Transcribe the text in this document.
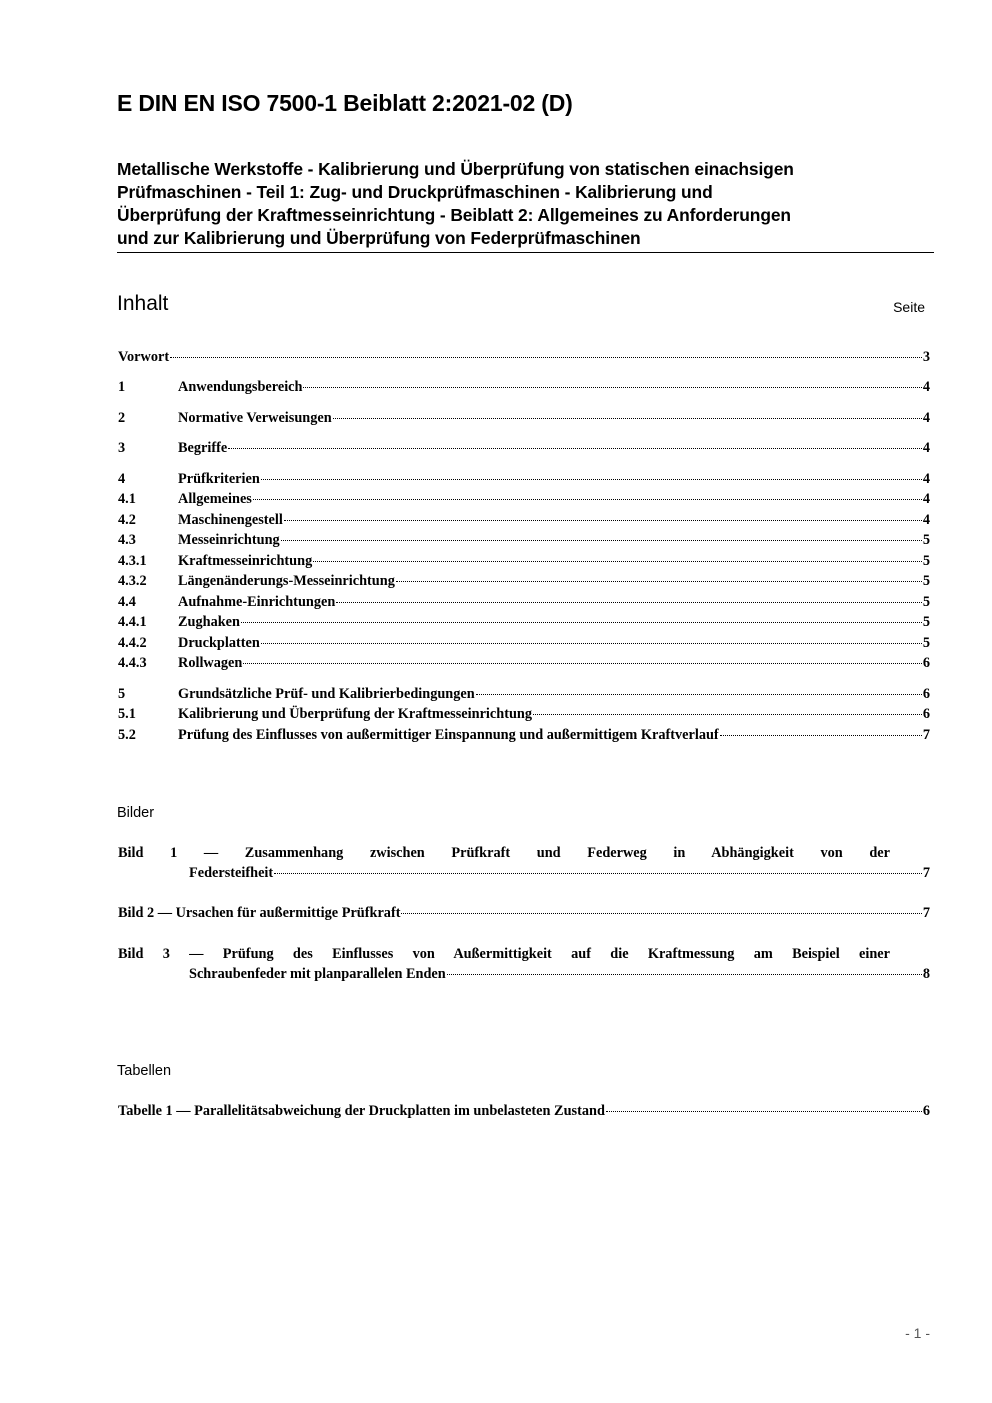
E DIN EN ISO 7500-1 Beiblatt 2:2021-02 (D)
Metallische Werkstoffe - Kalibrierung und Überprüfung von statischen einachsigen
Prüfmaschinen - Teil 1: Zug- und Druckprüfmaschinen - Kalibrierung und
Überprüfung der Kraftmesseinrichtung - Beiblatt 2: Allgemeines zu Anforderungen
und zur Kalibrierung und Überprüfung von Federprüfmaschinen
Inhalt	Seite
Vorwort	3
1	Anwendungsbereich	4
2	Normative Verweisungen	4
3	Begriffe	4
4	Prüfkriterien	4
4.1	Allgemeines	4
4.2	Maschinengestell	4
4.3	Messeinrichtung	5
4.3.1	Kraftmesseinrichtung	5
4.3.2	Längenänderungs-Messeinrichtung	5
4.4	Aufnahme-Einrichtungen	5
4.4.1	Zughaken	5
4.4.2	Druckplatten	5
4.4.3	Rollwagen	6
5	Grundsätzliche Prüf- und Kalibrierbedingungen	6
5.1	Kalibrierung und Überprüfung der Kraftmesseinrichtung	6
5.2	Prüfung des Einflusses von außermittiger Einspannung und außermittigem Kraftverlauf	7
Bilder
Bild 1 — Zusammenhang zwischen Prüfkraft und Federweg in Abhängigkeit von der
Federsteifheit	7
Bild 2 — Ursachen für außermittige Prüfkraft	7
Bild 3 — Prüfung des Einflusses von Außermittigkeit auf die Kraftmessung am Beispiel einer
Schraubenfeder mit planparallelen Enden	8
Tabellen
Tabelle 1 — Parallelitätsabweichung der Druckplatten im unbelasteten Zustand	6
- 1 -
